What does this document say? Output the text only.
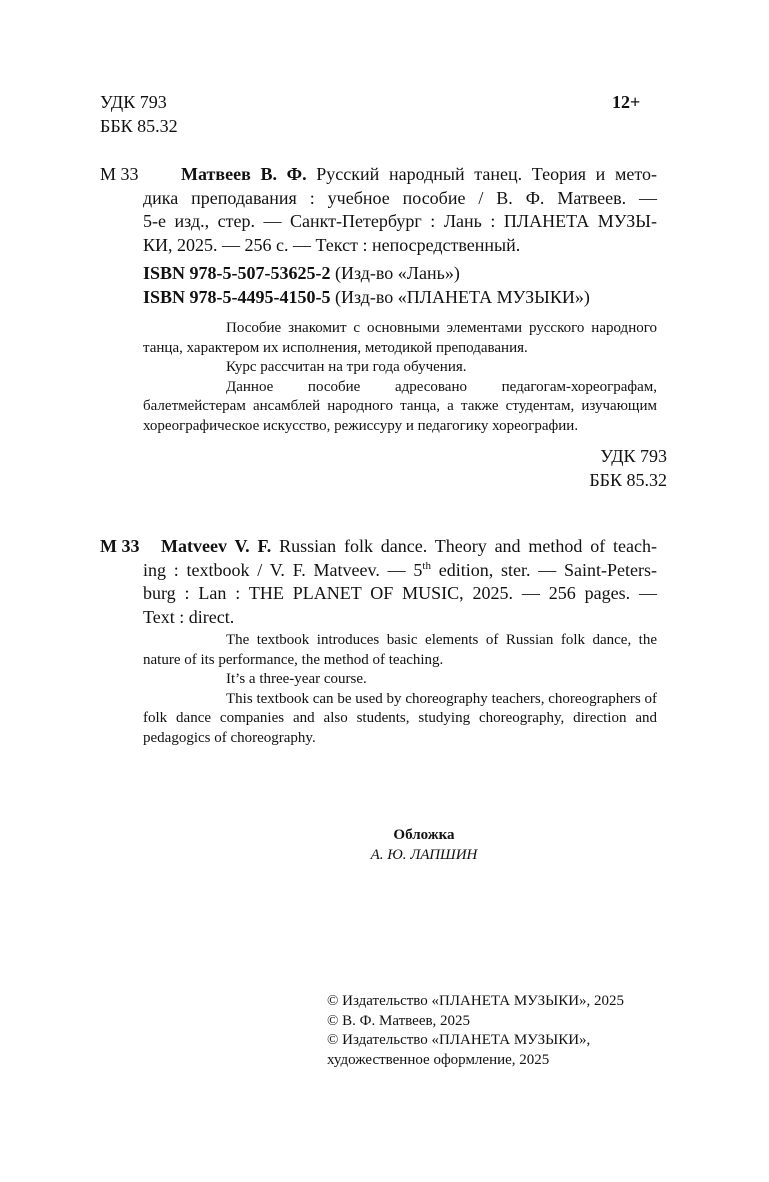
УДК 793
ББК 85.32
12+
М 33 Матвеев В. Ф. Русский народный танец. Теория и мето-
дика преподавания : учебное пособие / В. Ф. Матвеев. —
5-е изд., стер. — Санкт-Петербург : Лань : ПЛАНЕТА МУЗЫ-
КИ, 2025. — 256 с. — Текст : непосредственный.
ISBN 978-5-507-53625-2 (Изд-во «Лань»)
ISBN 978-5-4495-4150-5 (Изд-во «ПЛАНЕТА МУЗЫКИ»)
Пособие знакомит с основными элементами русского народного танца, характером их исполнения, методикой преподавания.
Курс рассчитан на три года обучения.
Данное пособие адресовано педагогам-хореографам, балетмейстерам ансамблей народного танца, а также студентам, изучающим хореографическое искусство, режиссуру и педагогику хореографии.
УДК 793
ББК 85.32
М 33 Matveev V. F. Russian folk dance. Theory and method of teach-
ing : textbook / V. F. Matveev. — 5th edition, ster. — Saint-Peters-
burg : Lan : THE PLANET OF MUSIC, 2025. — 256 pages. —
Text : direct.
The textbook introduces basic elements of Russian folk dance, the nature of its performance, the method of teaching.
It’s a three-year course.
This textbook can be used by choreography teachers, choreographers of folk dance companies and also students, studying choreography, direction and pedagogics of choreography.
Обложка
А. Ю. ЛАПШИН
© Издательство «ПЛАНЕТА МУЗЫКИ», 2025
© В. Ф. Матвеев, 2025
© Издательство «ПЛАНЕТА МУЗЫКИ»,
художественное оформление, 2025
